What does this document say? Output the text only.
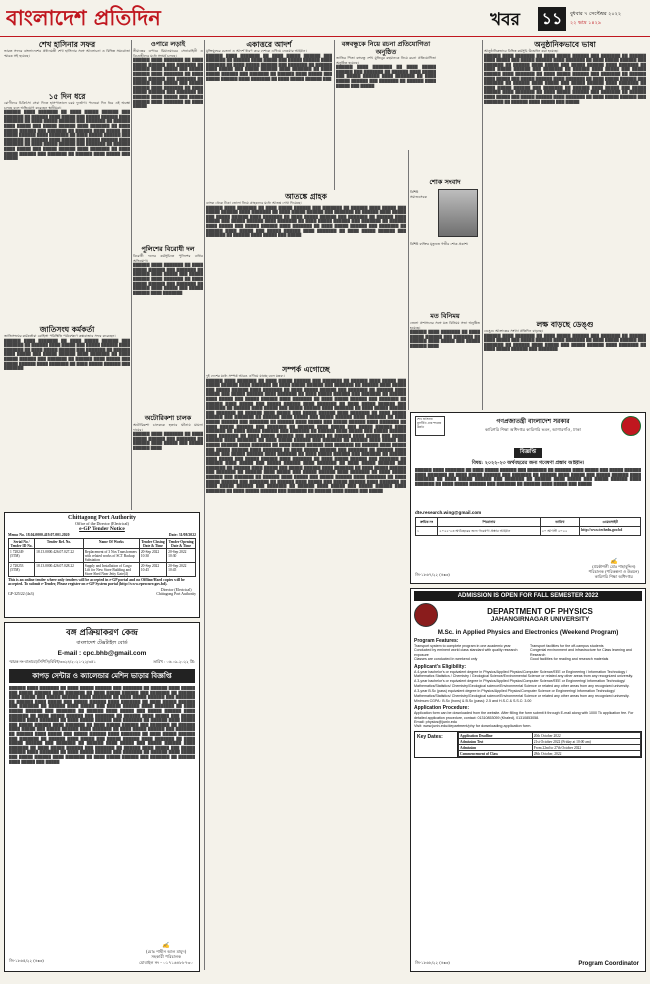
বাংলাদেশ প্রতিদিন	খবর	১১	বুধবার ৭ সেপ্টেম্বর ২০২২
২২ ভাদ্র ১৪২৯
শেখ হাসিনার সফর
ভারত সফরে বাংলাদেশের প্রধানমন্ত্রী শেখ হাসিনার সঙ্গে আলোচনা ও বিভিন্ন সমঝোতা স্মারক সই হয়েছে।
১৫ দিন ধরে
রোগীদের চিকিৎসা সেবা দিতে হাসপাতালে চরম দুর্ভোগ। পনেরো দিন ধরে এই অবস্থা চলছে বলে অভিযোগ করেছেন স্থানীয়রা।
██████ ████ ███████ ██ ████ █████ ██████ ███ ███████ ██ ██████ ████ █████ ███ █████ ██████ ████ ███████ ██ ████ █████ ██████ ███ ███████ ██ ██████ ████ █████ ███ █████ ██████ ████ ███████ ██ ████ █████ ██████ ███ ███████ ██ ██████ ████ █████ ███ █████ ██████ ████ ███████ ██ ████ █████ ██████ ███ ███████ ██ ██████ ████ █████ ███ █████ ██████ ████ ███████ ██ ████ █████ ██████ ███ ███████ ██ ██████ ████ █████ ███ █████ ██████ ████ ███████ ██ ████ █████ ██████ ███ ███████ ██ ██████ ████ █████ ███ █████
জাতিসংঘ কর্মকর্তা
জাতিসংঘের কর্মকর্তারা রোহিঙ্গা পরিস্থিতি পর্যবেক্ষণে কক্সবাজার সফর করেছেন।
██████ ████ ███████ ██ ████ █████ ██████ ███ ███████ ██ ██████ ████ █████ ███ █████ ██████ ████ ███████ ██ ████ █████ ██████ ███ ███████ ██ ██████ ████ █████ ███ █████ ██████ ████ ███████ ██ ████ █████ ██████ ███ ███████ ██ ██████ ████ █████ ███ █████ ██████ ████ ███████ ██ ████ █████ ██████ ███ ███████
ওপারে লড়াই
সীমান্তের ওপারে মিয়ানমারের সেনাবাহিনী ও বিদ্রোহীদের মধ্যে সংঘর্ষ চলছে।
██████ ████ ███████ ██ ████ █████ ██████ ███ ███████ ██ ██████ ████ █████ ███ █████ ██████ ████ ███████ ██ ████ █████ ██████ ███ ███████ ██ ██████ ████ █████ ███ █████ ██████ ████ ███████ ██ ████ █████ ██████ ███ ███████ ██ ██████ ████ █████ ███ █████ ██████ ████ ███████ ██ ████ █████
পুলিশের বিরোধী দল
বিরোধী দলের কর্মসূচিতে পুলিশের বাধার অভিযোগ।
██████ ████ ███████ ██ ████ █████ ██████ ███ ███████ ██ ██████ ████ █████ ███ █████ ██████ ████ ███████ ██ ████ █████ ██████ ███ ███████ ██ ██████ ████ █████ ███ █████ ██████ ████ ███████
অটোরিকশা চালক
অটোরিকশা চালককে হত্যার ঘটনায় মামলা দায়ের।
██████ ████ ███████ ██ ████ █████ ██████ ███ ███████ ██ ██████ ████ █████ ███ █████ ██████ ████
একাত্তরে আদর্শ
মুক্তিযুদ্ধের চেতনা ও আদর্শ ধারণ করে দেশকে এগিয়ে নেওয়ার আহ্বান।
██████ ████ ███████ ██ ████ █████ ██████ ███ ███████ ██ ██████ ████ █████ ███ █████ ██████ ████ ███████ ██ ████ █████ ██████ ███ ███████ ██ ██████ ████ █████ ███ █████ ██████ ████ ███████ ██ ████ █████ ██████ ███ ███████ ██ ██████ ████ █████ ███ █████ ██████ ████ ███████ ██ ████ █████ ██████ ███
আতঙ্কে গ্রাহক
ব্যাংক থেকে টাকা তোলা নিয়ে গ্রাহকদের মধ্যে আতঙ্ক দেখা দিয়েছে।
██████ ████ ███████ ██ ████ █████ ██████ ███ ███████ ██ ██████ ████ █████ ███ █████ ██████ ████ ███████ ██ ████ █████ ██████ ███ ███████ ██ ██████ ████ █████ ███ █████ ██████ ████ ███████ ██ ████ █████ ██████ ███ ███████ ██ ██████ ████ █████ ███ █████ ██████ ████ ███████ ██ ████ █████ ██████ ███ ███████ ██ ██████ ████ █████ ███ █████ ██████ ████ ███████ ██ ████ █████ ██████ ███ ███████ ██ ██████ ████ █████ ███ █████ ██████ ████ ███████ ██ ████ █████ ██████ ███ ███████ ██ ██████ ████ █████ ███ █████
সম্পর্ক এগোচ্ছে
দুই দেশের মধ্যে সম্পর্ক আরও এগিয়ে যাচ্ছে বলে মন্তব্য।
██████ ████ ███████ ██ ████ █████ ██████ ███ ███████ ██ ██████ ████ █████ ███ █████ ██████ ████ ███████ ██ ████ █████ ██████ ███ ███████ ██ ██████ ████ █████ ███ █████ ██████ ████ ███████ ██ ████ █████ ██████ ███ ███████ ██ ██████ ████ █████ ███ █████ ██████ ████ ███████ ██ ████ █████ ██████ ███ ███████ ██ ██████ ████ █████ ███ █████ ██████ ████ ███████ ██ ████ █████ ██████ ███ ███████ ██ ██████ ████ █████ ███ █████ ██████ ████ ███████ ██ ████ █████ ██████ ███ ███████ ██ ██████ ████ █████ ███ █████ ██████ ████ ███████ ██ ████ █████ ██████ ███ ███████ ██ ██████ ████ █████ ███ █████ ██████ ████ ███████ ██ ████ █████ ██████ ███ ███████ ██ ██████ ████ █████ ███ █████ ██████ ████ ███████ ██ ████ █████ ██████ ███ ███████ ██ ██████ ████ █████ ███ █████ ██████ ████ ███████ ██ ████ █████ ██████ ███ ███████ ██ ██████ ████ █████ ███ █████ ██████ ████ ███████ ██ ████ █████ ██████ ███ ███████ ██ ██████ ████ █████ ███ █████ ██████ ████ ███████ ██ ████ █████ ██████ ███ ███████ ██ ██████ ████ █████ ███ █████ ██████ ████ ███████ ██ ████ █████ ██████ ███ ███████ ██ ██████ ████ █████ ███ █████ ██████ ████ ███████ ██ ████ █████ ██████ ███ ███████ ██ ██████ ████ █████ ███ █████ ██████ ████ ███████ ██ ████ █████ ██████ ███ ███████ ██ ██████ ████ █████ ███ █████ ██████ ████ ███████ ██ ████ █████ ██████ ███ ███████ ██ ██████ ████ █████ ███ █████ ██████ ████ ███████ ██ ████ █████ ██████ ███ ███████ ██ ██████ ████ █████ ███ █████ ██████ ████ ███████ ██ ████ █████ ██████ ███ ███████ ██ ██████ ████ █████ ███ █████ ██████ ████ ███████ ██ ████ █████ ██████ ███ ███████ ██ ██████ ████ █████ ███ █████ ██████ ████ ███████ ██ ████ █████ ██████ ███ ███████ ██ ██████ ████ █████ ███ █████ ██████ ████ ███████ ██ ████ █████ ██████ ███ ███████ ██ ██████ ████ █████ ███ █████ ██████ ████ ███████ ██ ████ █████ ██████ ███ ███████ ██ ██████ ████ █████ ███ █████ ██████ ████ ███████ ██ ████ █████ ██████ ███ ███████ ██ ██████ ████ █████ ███ █████
বঙ্গবন্ধুকে নিয়ে রচনা প্রতিযোগিতা অনুষ্ঠিত
জাতির পিতা বঙ্গবন্ধু শেখ মুজিবুর রহমানকে নিয়ে রচনা প্রতিযোগিতা অনুষ্ঠিত হয়েছে।
██████ ████ ███████ ██ ████ █████ ██████ ███ ███████ ██ ██████ ████ █████ ███ █████ ██████ ████ ███████ ██ ████ █████ ██████ ███ ███████ ██ ██████ ████ █████ ███ █████
শোক সংবাদ
বিশিষ্ট সমাজসেবক
বিশিষ্ট ব্যক্তির মৃত্যুতে গভীর শোক প্রকাশ।
মত বিনিময়
জেলা প্রশাসনের সঙ্গে মত বিনিময় সভা অনুষ্ঠিত হয়েছে।
██████ ████ ███████ ██ ████ █████ ██████ ███ ███████ ██ ██████ ████ █████ ███ █████ ██████ ████
অনুষ্ঠানিকভাবে ভাষা
আনুষ্ঠানিকভাবে বিভিন্ন কর্মসূচি উদ্বোধন করা হয়েছে।
██████ ████ ███████ ██ ████ █████ ██████ ███ ███████ ██ ██████ ████ █████ ███ █████ ██████ ████ ███████ ██ ████ █████ ██████ ███ ███████ ██ ██████ ████ █████ ███ █████ ██████ ████ ███████ ██ ████ █████ ██████ ███ ███████ ██ ██████ ████ █████ ███ █████ ██████ ████ ███████ ██ ████ █████ ██████ ███ ███████ ██ ██████ ████ █████ ███ █████ ██████ ████ ███████ ██ ████ █████ ██████ ███ ███████ ██ ██████ ████ █████ ███ █████ ██████ ████ ███████ ██ ████ █████ ██████ ███ ███████ ██ ██████ ████ █████ ███ █████ ██████ ████ ███████ ██ ████ █████ ██████ ███ ███████ ██ ██████ ████ █████ ███ █████ ██████ ████ ███████ ██ ████ █████ ██████ ███ ███████ ██ ██████ ████ █████ ███ █████
লক্ষ বাড়ছে ডেঙ্গু
ডেঙ্গু আক্রান্তের সংখ্যা প্রতিদিন বাড়ছে।
██████ ████ ███████ ██ ████ █████ ██████ ███ ███████ ██ ██████ ████ █████ ███ █████ ██████ ████ ███████ ██ ████ █████ ██████ ███ ███████ ██ ██████ ████ █████ ███ █████ ██████ ████ ███████ ██ ████ █████ ██████ ███ ███████
Chittagong Port Authority
Office of the Director (Electrical)
e-GP Tender Notice
Memo No. 18.04.0000.419.07.001.2020	Date: 31/08/2022
Serial No / Tender ID No.	Tender Ref. No.	Name Of Works	Tender Closing Date & Time	Tender Opening Date & Time
1 728249 (5TM)	18.13.0000.426.07.027.22	Replacement of 3 Nos Transformers with related works of SCT Backup Substation	20-Sep 2022 10:30	20-Sep 2022 10:30
2 728253 (5TM)	18.13.0000.426.07.028.22	Supply and Installation of Cargo Lift for New Store Building and Store Shed Near Jetty Gate(4)	20-Sep 2022 10:45	20-Sep 2022 10:45
This is an online tender where only tenders will be accepted in e-GP portal and no Offline/Hard copies will be accepted. To submit e-Tender, Please register on e-GP System portal (http://www.eprocure.gov.bd).
GP-325/22 (4x3)
Director (Electrical)
Chittagong Port Authority
বঙ্গ প্রক্রিয়াকরণ কেন্দ্র
বাংলাদেশ টেক্সটাইল বোর্ড
E-mail : cpc.bhb@gmail.com
স্মারক নং-বাতাবো/সিপিসি/বিবিধ/৩৩২৪/২০২১-২২/৩৫১	তারিখ : ০৬.০৯.২০২২ খ্রি:
কাপড় সেন্টার ও ক্যালেন্ডার মেশিন ভাড়ার বিজ্ঞপ্তি
██████ ████ ███████ ██ ████ █████ ██████ ███ ███████ ██ ██████ ████ █████ ███ █████ ██████ ████ ███████ ██ ████ █████ ██████ ███ ███████ ██ ██████ ████ █████ ███ █████ ██████ ████ ███████ ██ ████ █████ ██████ ███ ███████ ██ ██████ ████ █████ ███ █████ ██████ ████ ███████ ██ ████ █████ ██████ ███ ███████ ██ ██████ ████ █████ ███ █████ ██████ ████ ███████ ██ ████ █████ ██████ ███ ███████ ██ ██████ ████ █████ ███ █████ ██████ ████ ███████ ██ ████ █████ ██████ ███ ███████ ██ ██████ ████ █████ ███ █████ ██████ ████ ███████ ██ ████ █████ ██████ ███ ███████ ██ ██████ ████ █████ ███ █████ ██████ ████ ███████ ██ ████ █████ ██████ ███ ███████ ██ ██████ ████ █████ ███ █████ ██████ ████ ███████ ██ ████ █████ ██████ ███ ███████ ██ ██████ ████ █████ ███ █████ ██████ ████ ███████ ██ ████ █████ ██████ ███ ███████ ██ ██████ ████ █████ ███ █████ ██████ ████ ███████ ██ ████ █████ ██████ ███ ███████ ██ ██████ ████ █████ ███ █████ ██████ ████ ███████ ██ ████ █████ ██████ ███ ███████ ██ ██████ ████ █████ ███ █████ ██████ ████ ███████ ██ ████ █████ ██████ ███ ███████ ██ ██████ ████ █████ ███ █████ ██████ ████ ███████ ██ ████ █████ ██████ ███ ███████ ██ ██████ ████ █████ ███ █████
✍
(মোঃ শাহীন আল মামুদ)
সহকারী পরিচালক
মোবাইল নং - ০১৭১৬৪৮৮৭৩০
জি-১৮৬৫/২২ (৪x৩)
শেখ হাসিনার মূলনীতি গ্রাম শহরের উন্নতি
গণপ্রজাতন্ত্রী বাংলাদেশ সরকার
কারিগরি শিক্ষা অধিদপ্তর কারিগরি ভবন, আগারগাঁও, ঢাকা
বিজ্ঞপ্তি
বিষয়: ২০২২-২৩ অর্থবছরের জন্য গবেষণা প্রস্তাব আহ্বান।
██████ ████ ███████ ██ ████ █████ ██████ ███ ███████ ██ ██████ ████ █████ ███ █████ ██████ ████ ███████ ██ ████ █████ ██████ ███ ███████ ██ ██████ ████ █████ ███ █████ ██████ ████ ███████ ██ ████ █████ ██████ ███ ███████ ██ ██████ ████ █████ ███ █████ ██████ ████ ███████ ██ ████ █████ ██████ ███ ███████ ██ ██████ ████ █████ ███ █████
dte.research.wing@gmail.com
ক্রমিক নং	শিরোনাম	তারিখ	ওয়েবসাইট
১	২০২২-২৩ অর্থবছরের জন্য গবেষণা প্রস্তাব আহ্বান	২০ আগস্ট ২০২২	http://www.techedu.gov.bd
✍
(প্রকৌশলী মোঃ শাহাবুদ্দিন)
পরিচালক (পরিকল্পনা ও উন্নয়ন)
কারিগরি শিক্ষা অধিদপ্তর
জি-১৮৬৭/২২ (৪x৩)
ADMISSION IS OPEN FOR FALL SEMESTER 2022
DEPARTMENT OF PHYSICS
JAHANGIRNAGAR UNIVERSITY
M.Sc. in Applied Physics and Electronics (Weekend Program)
Program Features:
Transport system to complete program in one academic year	Transport facilities for the off-campus students
Conducted by eminent world class standard with quality research exposure
Congenial environment and infrastructure for Class learning and Research
Classes are conducted in weekend only	Good facilities for reading and research materials
Applicant's Eligibility:
A 4-year bachelor's or equivalent degree in Physics/Applied Physics/Computer Science/EEE or Engineering / Information Technology / Mathematics Statistics / Chemistry / Geological Science/Environmental Science or related any other areas from any recognized university.
A 3-year bachelor's or equivalent degree in Physics/Applied Physics/Computer Science/EEE or Engineering/ Information Technology/ Mathematics/Statistics/ Chemistry/Geological science/Environmental Science or related any other areas from any recognized university.
A 3-year B.Sc (pass) equivalent degree in Physics/Applied Physics/Computer Science or Engineering/ Information Technology/ Mathematics/Statistics/ Chemistry/Geological science/Environmental Science or related any other areas from any recognized university.
Minimum CGPA : B.Sc (hons) & B.Sc (pass): 2.5 and H.S.C & S.S.C: 3.00
Application Procedure:
Application form can be downloaded from the website. After filling the form submit it through E-mail along with 1000 Tk application fee. For detailed application procedure, contact: 01310853059 (Khaled), 01310853058.
Email: physics@juniv.edu
Visit: www.juniv.edu/department/phy for downloading application form.
Key Dates:	Application Deadline	20th October 2022
Admission Test	21st October 2022 (Friday at 10:00 am)
Admission	From 22nd to 27th October 2022
Commencement of Class	28th October, 2022
Program Coordinator
জি-১৮৬৮/২২ (৪x৩)
